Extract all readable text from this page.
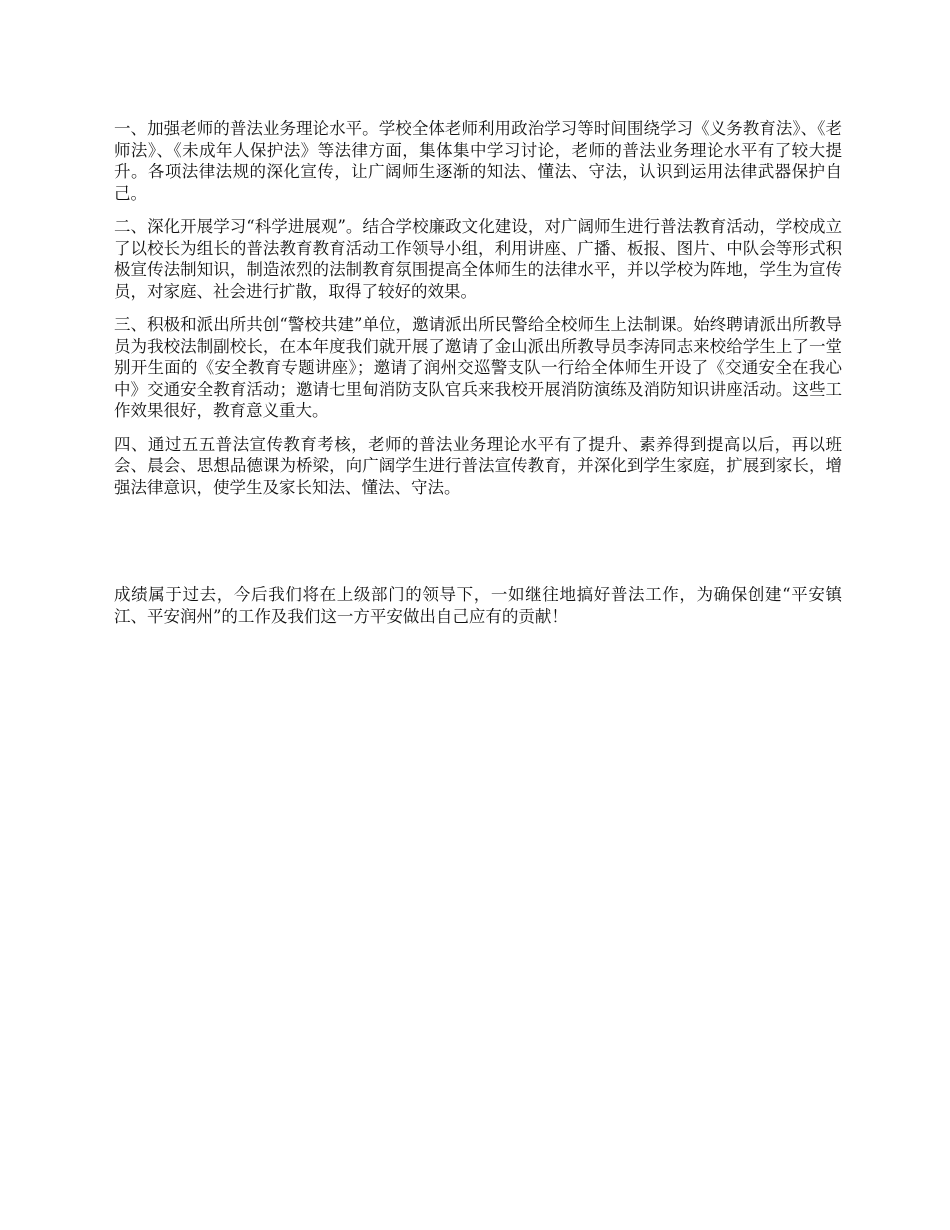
一、加强老师的普法业务理论水平。学校全体老师利用政治学习等时间围绕学习《义务教育法》、《老师法》、《未成年人保护法》等法律方面，集体集中学习讨论，老师的普法业务理论水平有了较大提升。各项法律法规的深化宣传，让广阔师生逐渐的知法、懂法、守法，认识到运用法律武器保护自己。

二、深化开展学习“科学进展观”。结合学校廉政文化建设，对广阔师生进行普法教育活动，学校成立了以校长为组长的普法教育教育活动工作领导小组，利用讲座、广播、板报、图片、中队会等形式积极宣传法制知识，制造浓烈的法制教育氛围提高全体师生的法律水平，并以学校为阵地，学生为宣传员，对家庭、社会进行扩散，取得了较好的效果。

三、积极和派出所共创“警校共建”单位，邀请派出所民警给全校师生上法制课。始终聘请派出所教导员为我校法制副校长，在本年度我们就开展了邀请了金山派出所教导员李涛同志来校给学生上了一堂别开生面的《安全教育专题讲座》；邀请了润州交巡警支队一行给全体师生开设了《交通安全在我心中》交通安全教育活动；邀请七里甸消防支队官兵来我校开展消防演练及消防知识讲座活动。这些工作效果很好，教育意义重大。

四、通过五五普法宣传教育考核，老师的普法业务理论水平有了提升、素养得到提高以后，再以班会、晨会、思想品德课为桥梁，向广阔学生进行普法宣传教育，并深化到学生家庭，扩展到家长，增强法律意识，使学生及家长知法、懂法、守法。

成绩属于过去，今后我们将在上级部门的领导下，一如继往地搞好普法工作，为确保创建“平安镇江、平安润州”的工作及我们这一方平安做出自己应有的贡献！
